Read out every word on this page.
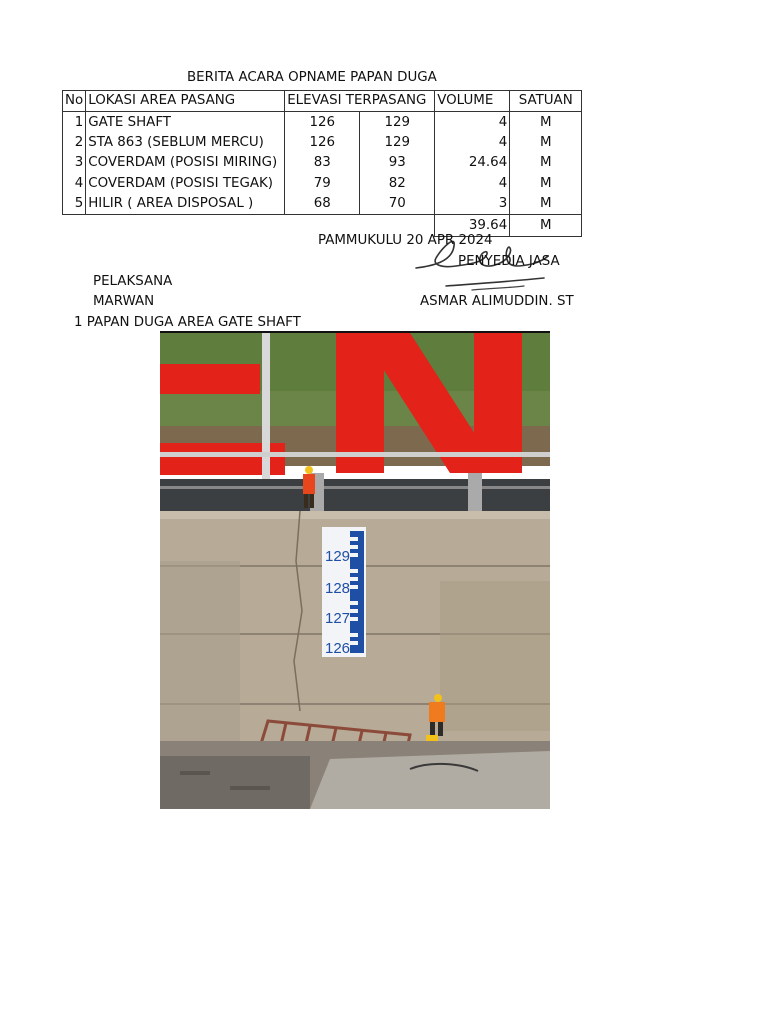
BERITA ACARA OPNAME PAPAN DUGA
No	LOKASI AREA PASANG	ELEVASI TERPASANG		VOLUME	SATUAN
1	GATE SHAFT	126	129	4	M
2	STA 863 (SEBLUM MERCU)	126	129	4	M
3	COVERDAM (POSISI MIRING)	83	93	24.64	M
4	COVERDAM (POSISI TEGAK)	79	82	4	M
5	HILIR ( AREA DISPOSAL )	68	70	3	M
				39.64	M
PAMMUKULU 20 APR 2024
PENYEDIA JASA
PELAKSANA
MARWAN	ASMAR ALIMUDDIN. ST
1 PAPAN DUGA AREA GATE SHAFT
129
128
127
126
